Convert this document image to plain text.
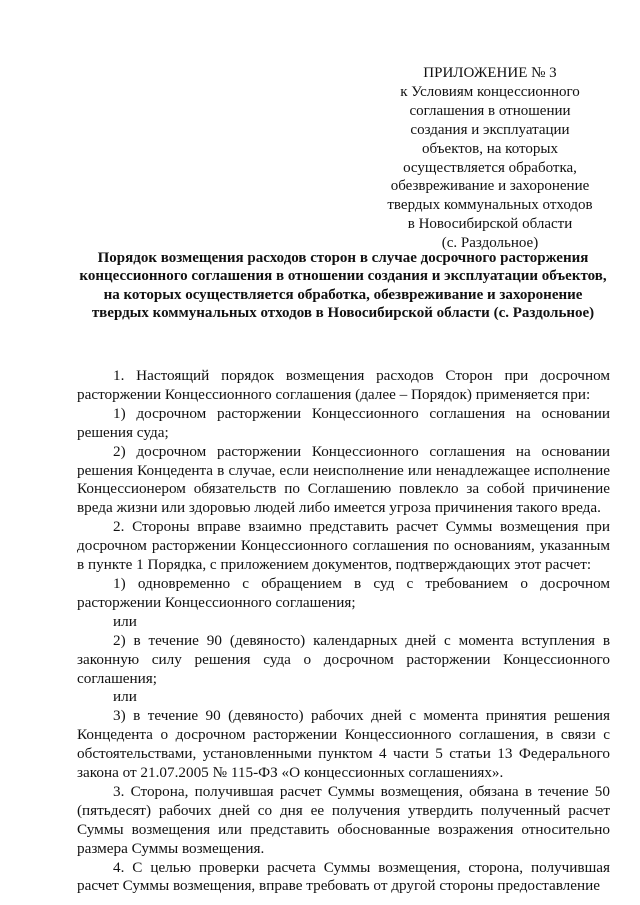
ПРИЛОЖЕНИЕ № 3
к Условиям концессионного
соглашения в отношении
создания и эксплуатации
объектов, на которых
осуществляется обработка,
обезвреживание и захоронение
твердых коммунальных отходов
в Новосибирской области
(с. Раздольное)
Порядок возмещения расходов сторон в случае досрочного расторжения
концессионного соглашения в отношении создания и эксплуатации объектов,
на которых осуществляется обработка, обезвреживание и захоронение
твердых коммунальных отходов в Новосибирской области (с. Раздольное)

1. Настоящий порядок возмещения расходов Сторон при досрочном расторжении Концессионного соглашения (далее – Порядок) применяется при:

1) досрочном расторжении Концессионного соглашения на основании решения суда;

2) досрочном расторжении Концессионного соглашения на основании решения Концедента в случае, если неисполнение или ненадлежащее исполнение Концессионером обязательств по Соглашению повлекло за собой причинение вреда жизни или здоровью людей либо имеется угроза причинения такого вреда.

2. Стороны вправе взаимно представить расчет Суммы возмещения при досрочном расторжении Концессионного соглашения по основаниям, указанным в пункте 1 Порядка, с приложением документов, подтверждающих этот расчет:

1) одновременно с обращением в суд с требованием о досрочном расторжении Концессионного соглашения;

или

2) в течение 90 (девяносто) календарных дней с момента вступления в законную силу решения суда о досрочном расторжении Концессионного соглашения;

или

3) в течение 90 (девяносто) рабочих дней с момента принятия решения Концедента о досрочном расторжении Концессионного соглашения, в связи с обстоятельствами, установленными пунктом 4 части 5 статьи 13 Федерального закона от 21.07.2005 № 115-ФЗ «О концессионных соглашениях».

3. Сторона, получившая расчет Суммы возмещения, обязана в течение 50 (пятьдесят) рабочих дней со дня ее получения утвердить полученный расчет Суммы возмещения или представить обоснованные возражения относительно размера Суммы возмещения.

4. С целью проверки расчета Суммы возмещения, сторона, получившая расчет Суммы возмещения, вправе требовать от другой стороны предоставление
